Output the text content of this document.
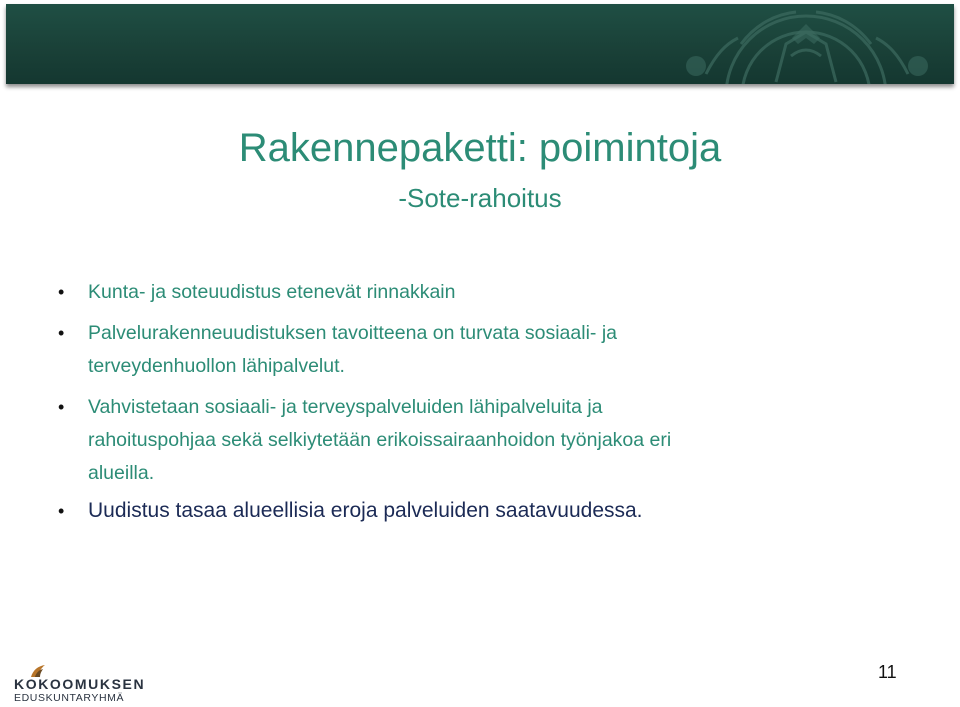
Rakennepaketti: poimintoja
-Sote-rahoitus
• Kunta- ja soteuudistus etenevät rinnakkain
• Palvelurakenneuudistuksen tavoitteena on turvata sosiaali- ja
terveydenhuollon lähipalvelut.
• Vahvistetaan sosiaali- ja terveyspalveluiden lähipalveluita ja
rahoituspohjaa sekä selkiytetään erikoissairaanhoidon työnjakoa eri
alueilla.
• Uudistus tasaa alueellisia eroja palveluiden saatavuudessa.
KOKOOMUKSEN
EDUSKUNTARYHMÄ
11
